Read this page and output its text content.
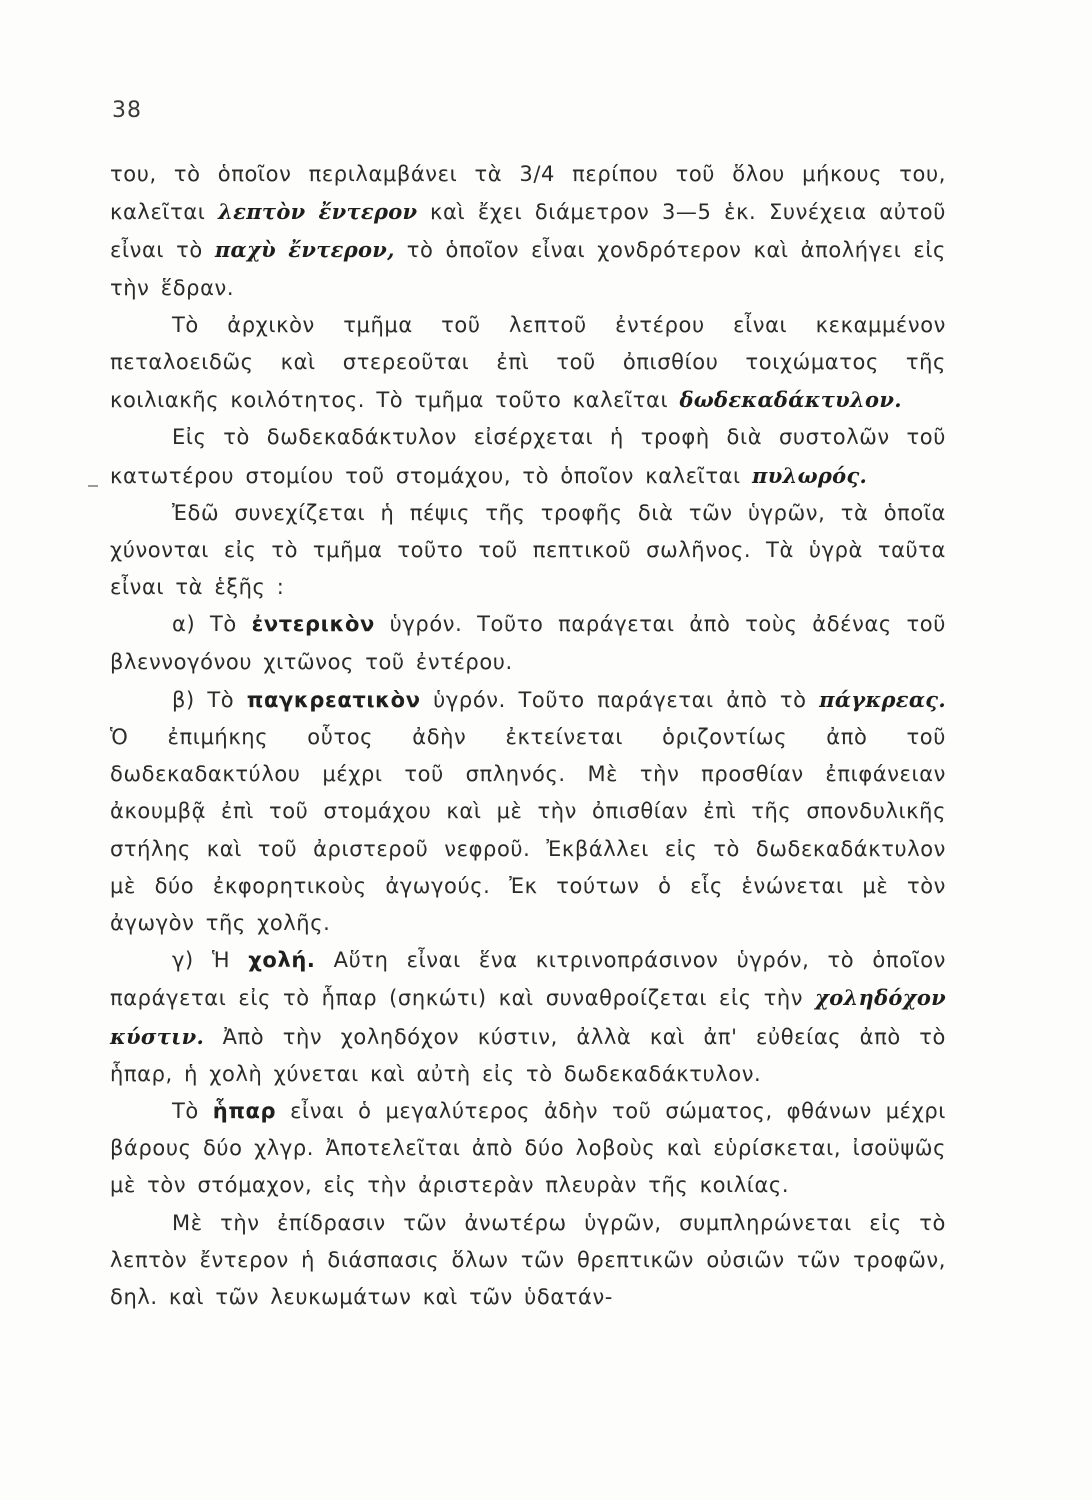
38

του, τὸ ὁποῖον περιλαμβάνει τὰ 3/4 περίπου τοῦ ὅλου μήκους του, καλεῖται λεπτὸν ἔντερον καὶ ἔχει διάμετρον 3—5 ἑκ. Συνέχεια αὐτοῦ εἶναι τὸ παχὺ ἔντερον, τὸ ὁποῖον εἶναι χονδρότερον καὶ ἀπολήγει εἰς τὴν ἕδραν.

Τὸ ἀρχικὸν τμῆμα τοῦ λεπτοῦ ἐντέρου εἶναι κεκαμμένον πεταλοειδῶς καὶ στερεοῦται ἐπὶ τοῦ ὀπισθίου τοιχώματος τῆς κοιλιακῆς κοιλότητος. Τὸ τμῆμα τοῦτο καλεῖται δωδεκαδάκτυλον.

Εἰς τὸ δωδεκαδάκτυλον εἰσέρχεται ἡ τροφὴ διὰ συστολῶν τοῦ κατωτέρου στομίου τοῦ στομάχου, τὸ ὁποῖον καλεῖται πυλωρός.

Ἐδῶ συνεχίζεται ἡ πέψις τῆς τροφῆς διὰ τῶν ὑγρῶν, τὰ ὁποῖα χύνονται εἰς τὸ τμῆμα τοῦτο τοῦ πεπτικοῦ σωλῆνος. Τὰ ὑγρὰ ταῦτα εἶναι τὰ ἑξῆς :

α) Τὸ ἐντερικὸν ὑγρόν. Τοῦτο παράγεται ἀπὸ τοὺς ἀδένας τοῦ βλεννογόνου χιτῶνος τοῦ ἐντέρου.

β) Τὸ παγκρεατικὸν ὑγρόν. Τοῦτο παράγεται ἀπὸ τὸ πάγκρεας. Ὁ ἐπιμήκης οὗτος ἀδὴν ἐκτείνεται ὁριζοντίως ἀπὸ τοῦ δωδεκαδακτύλου μέχρι τοῦ σπληνός. Μὲ τὴν προσθίαν ἐπιφάνειαν ἀκουμβᾷ ἐπὶ τοῦ στομάχου καὶ μὲ τὴν ὀπισθίαν ἐπὶ τῆς σπονδυλικῆς στήλης καὶ τοῦ ἀριστεροῦ νεφροῦ. Ἐκβάλλει εἰς τὸ δωδεκαδάκτυλον μὲ δύο ἐκφορητικοὺς ἀγωγούς. Ἐκ τούτων ὁ εἷς ἑνώνεται μὲ τὸν ἀγωγὸν τῆς χολῆς.

γ) Ἡ χολή. Αὕτη εἶναι ἕνα κιτρινοπράσινον ὑγρόν, τὸ ὁποῖον παράγεται εἰς τὸ ἧπαρ (σηκώτι) καὶ συναθροίζεται εἰς τὴν χοληδόχον κύστιν. Ἀπὸ τὴν χοληδόχον κύστιν, ἀλλὰ καὶ ἀπ' εὐθείας ἀπὸ τὸ ἧπαρ, ἡ χολὴ χύνεται καὶ αὐτὴ εἰς τὸ δωδεκαδάκτυλον.

Τὸ ἧπαρ εἶναι ὁ μεγαλύτερος ἀδὴν τοῦ σώματος, φθάνων μέχρι βάρους δύο χλγρ. Ἀποτελεῖται ἀπὸ δύο λοβοὺς καὶ εὑρίσκεται, ἰσοϋψῶς μὲ τὸν στόμαχον, εἰς τὴν ἀριστερὰν πλευρὰν τῆς κοιλίας.

Μὲ τὴν ἐπίδρασιν τῶν ἀνωτέρω ὑγρῶν, συμπληρώνεται εἰς τὸ λεπτὸν ἔντερον ἡ διάσπασις ὅλων τῶν θρεπτικῶν οὐσιῶν τῶν τροφῶν, δηλ. καὶ τῶν λευκωμάτων καὶ τῶν ὑδατάν-
